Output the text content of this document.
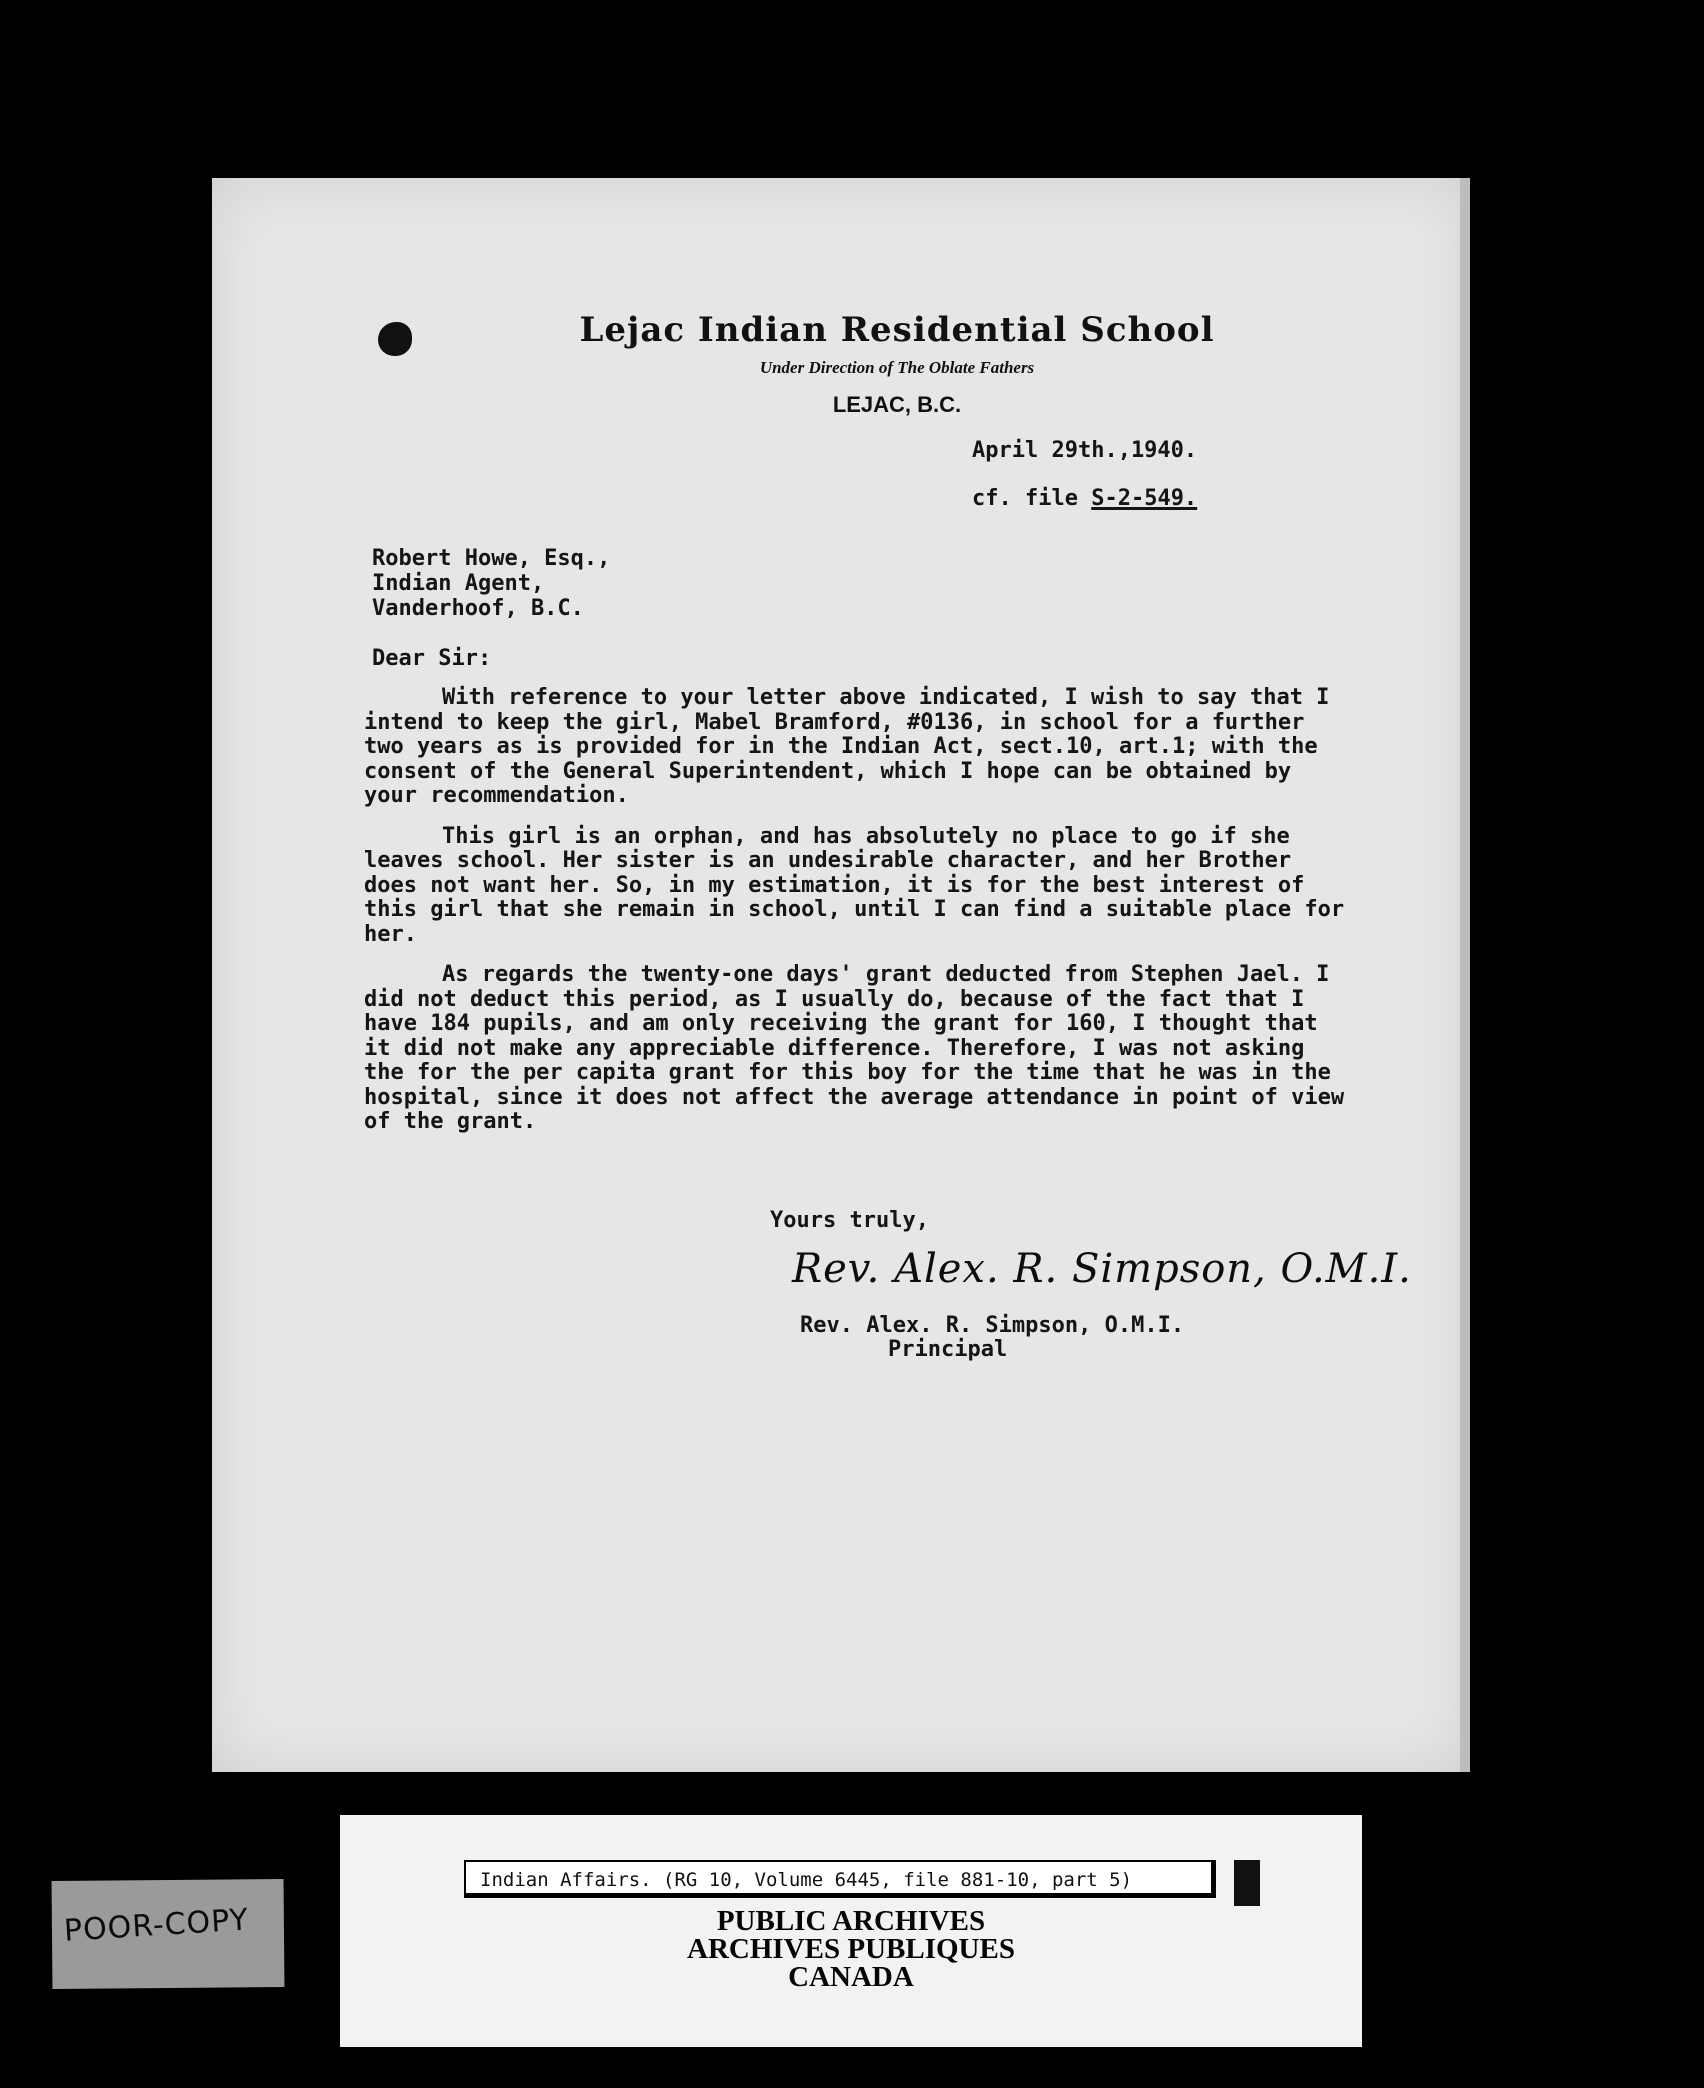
Lejac Indian Residential School
Under Direction of The Oblate Fathers
LEJAC, B.C.
April 29th.,1940.
cf. file S-2-549.
Robert Howe, Esq.,
Indian Agent,
Vanderhoof, B.C.
Dear Sir:

With reference to your letter above indicated, I wish to say that I intend to keep the girl, Mabel Bramford, #0136, in school for a further two years as is provided for in the Indian Act, sect.10, art.1; with the consent of the General Superintendent, which I hope can be obtained by your recommendation.

This girl is an orphan, and has absolutely no place to go if she leaves school. Her sister is an undesirable character, and her Brother does not want her. So, in my estimation, it is for the best interest of this girl that she remain in school, until I can find a suitable place for her.

As regards the twenty-one days' grant deducted from Stephen Jael. I did not deduct this period, as I usually do, because of the fact that I have 184 pupils, and am only receiving the grant for 160, I thought that it did not make any appreciable difference. Therefore, I was not asking the for the per capita grant for this boy for the time that he was in the hospital, since it does not affect the average attendance in point of view of the grant.

Yours truly,
Rev. Alex. R. Simpson, O.M.I.
Rev. Alex. R. Simpson, O.M.I.
Principal
POOR-COPY
Indian Affairs. (RG 10, Volume 6445, file 881-10, part 5)
PUBLIC ARCHIVES
ARCHIVES PUBLIQUES
CANADA
